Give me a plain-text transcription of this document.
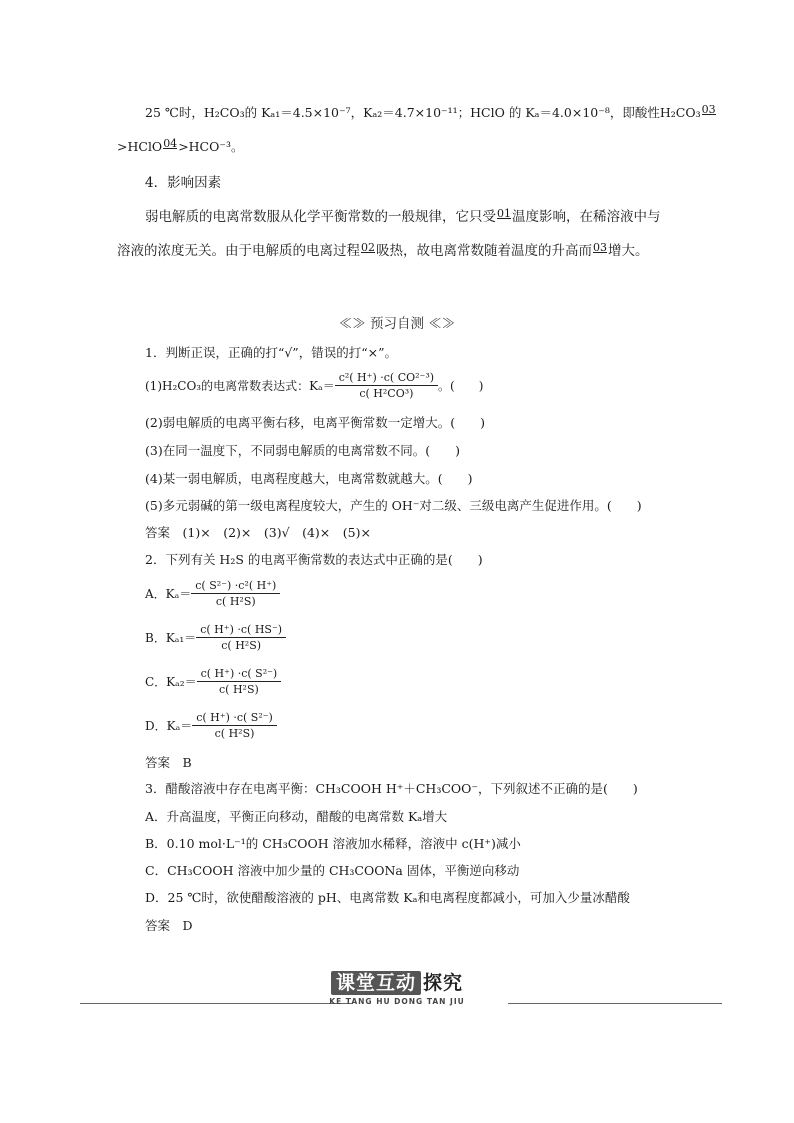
25 ℃时，H₂CO₃的 Kₐ₁＝4.5×10⁻⁷，Kₐ₂＝4.7×10⁻¹¹；HClO 的 Kₐ＝4.0×10⁻⁸，即酸性H₂CO₃ 03

>HClO 04
>HCO⁻³。
4．影响因素
弱电解质的电离常数服从化学平衡常数的一般规律，它只受 01
温度影响，在稀溶液中与
溶液的浓度无关。由于电解质的电离过程 02
吸热，故电离常数随着温度的升高而 03
增大。
≪≫ 预习自测 ≪≫
1．判断正误，正确的打“√”，错误的打“×”。
(1)H₂CO₃的电离常数表达式：$K_a= \frac{\text{c²( H⁺) ·c( CO²⁻³)}}{\text{c( H²CO³)}}$ 。(　　)
(2)弱电解质的电离平衡右移，电离平衡常数一定增大。(　　)
(3)在同一温度下，不同弱电解质的电离常数不同。(　　)
(4)某一弱电解质，电离程度越大，电离常数就越大。(　　)
(5)多元弱碱的第一级电离程度较大，产生的 OH⁻对二级、三级电离产生促进作用。(　　)
答案　 (1)×　(2)×　(3)√　(4)×　(5)×
2．下列有关 H₂S 的电离平衡常数的表达式中正确的是(　　)
A．$K_a= \frac{\text{c( S²⁻) ·c²( H⁺)}}{\text{c( H²S)}}$
B．$K_{a1}= \frac{c( H^+) \cdot c( HS^-)}{\text{c( H²S)}}$
C．$K_{a2}= \frac{\text{c( H⁺) ·c( S²⁻)}}{\text{c( H²S)}}$
D．$K_a= \frac{\text{c( H⁺) ·c( S²⁻)}}{\text{c( H²S)}}$
答案　 B
3．醋酸溶液中存在电离平衡：CH₃COOH H⁺＋CH₃COO⁻，下列叙述不正确的是(　　)
A．升高温度，平衡正向移动，醋酸的电离常数 Kₐ增大
B．0.10 mol·L⁻¹的 CH₃COOH 溶液加水稀释，溶液中 c(H⁺)减小
C．CH₃COOH 溶液中加少量的 CH₃COONa 固体，平衡逆向移动
D．25 ℃时，欲使醋酸溶液的 pH、电离常数 Kₐ和电离程度都减小，可加入少量冰醋酸
答案　 D
课堂互动 探究
KE TANG HU DONG TAN JIU
